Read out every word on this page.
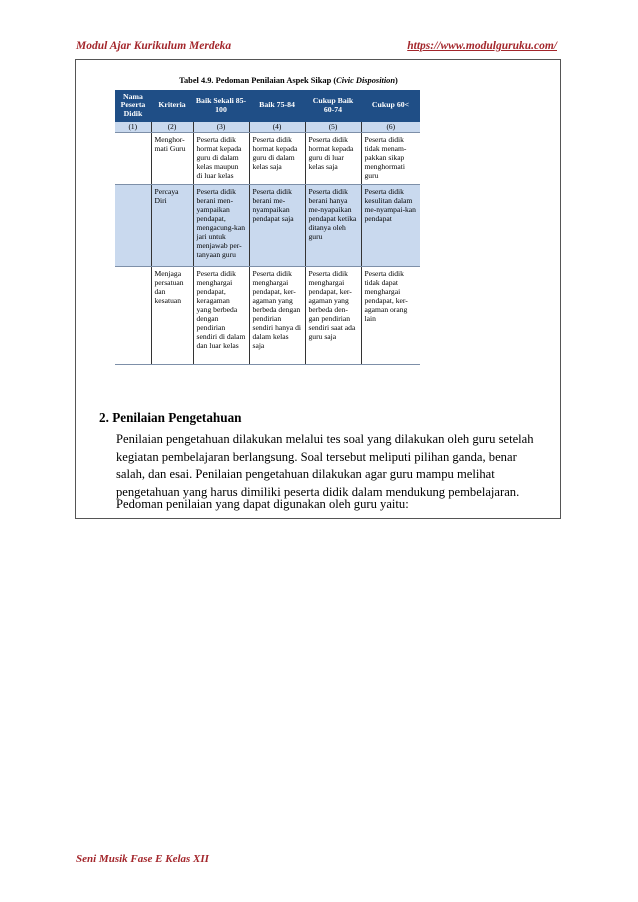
Modul Ajar Kurikulum Merdeka	https://www.modulguruku.com/
Tabel 4.9. Pedoman Penilaian Aspek Sikap (Civic Disposition)
Nama Peserta Didik	Kriteria	Baik Sekali 85-100	Baik 75-84	Cukup Baik 60-74	Cukup 60<
(1)	(2)	(3)	(4)	(5)	(6)
	Menghor-mati Guru	Peserta didik hormat kepada guru di dalam kelas maupun di luar kelas	Peserta didik hormat kepada guru di dalam kelas saja	Peserta didik hormat kepada guru di luar kelas saja	Peserta didik tidak menam-pakkan sikap menghormati guru
	Percaya Diri	Peserta didik berani men-yampaikan pendapat, mengacung-kan jari untuk menjawab per-tanyaan guru	Peserta didik berani me-nyampaikan pendapat saja	Peserta didik berani hanya me-nyapaikan pendapat ketika ditanya oleh guru	Peserta didik kesulitan dalam me-nyampai-kan pendapat
	Menjaga persatuan dan kesatuan	Peserta didik menghargai pendapat, keragaman yang berbeda dengan pendirian sendiri di dalam dan luar kelas	Peserta didik menghargai pendapat, ker-agaman yang berbeda dengan pendirian sendiri hanya di dalam kelas saja	Peserta didik menghargai pendapat, ker-agaman yang berbeda den-gan pendirian sendiri saat ada guru saja	Peserta didik tidak dapat menghargai pendapat, ker-agaman orang lain
2. Penilaian Pengetahuan
Penilaian pengetahuan dilakukan melalui tes soal yang dilakukan oleh guru setelah kegiatan pembelajaran berlangsung. Soal tersebut meliputi pilihan ganda, benar salah, dan esai. Penilaian pengetahuan dilakukan agar guru mampu melihat pengetahuan yang harus dimiliki peserta didik dalam mendukung pembelajaran.
Pedoman penilaian yang dapat digunakan oleh guru yaitu:
Seni Musik Fase E Kelas XII
